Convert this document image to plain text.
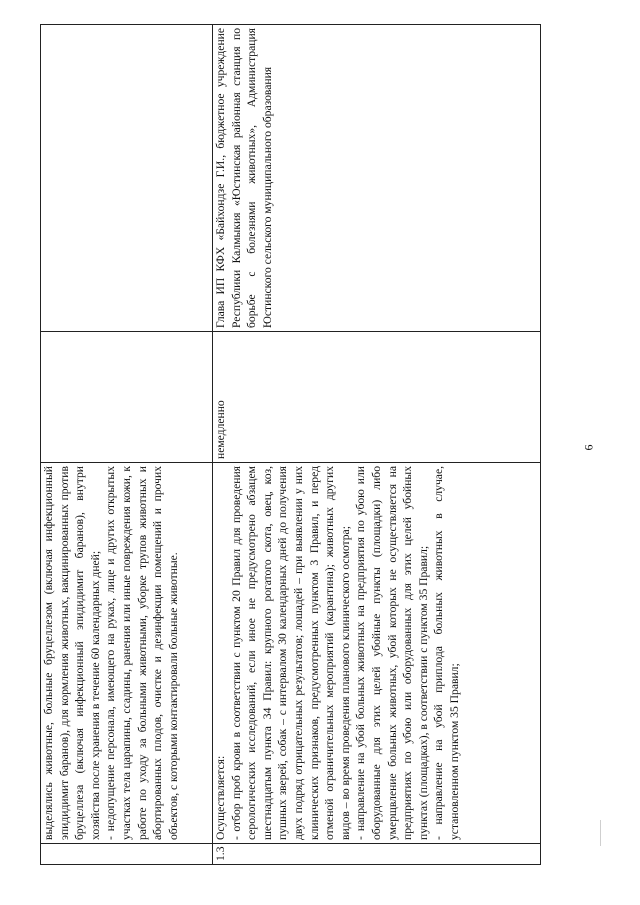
	выделялись животные, больные бруцеллезом (включая инфекционный эпидидимит баранов), для кормления животных, вакцинированных против бруцеллеза (включая инфекционный эпидидимит баранов), внутри хозяйства после хранения в течение 60 календарных дней; - недопущение персонала, имеющего на руках, лице и других открытых участках тела царапины, ссадины, ранения или иные повреждения кожи, к работе по уходу за больными животными, уборке трупов животных и абортированных плодов, очистке и дезинфекции помещений и прочих объектов, с которыми контактировали больные животные.		

1.3	Осуществляется: - отбор проб крови в соответствии с пунктом 20 Правил для проведения серологических исследований, если иное не предусмотрено абзацем шестнадцатым пункта 34 Правил: крупного рогатого скота, овец, коз, пушных зверей, собак – с интервалом 30 календарных дней до получения двух подряд отрицательных результатов; лошадей – при выявлении у них клинических признаков, предусмотренных пунктом 3 Правил, и перед отменой ограничительных мероприятий (карантина); животных других видов – во время проведения планового клинического осмотра; - направление на убой больных животных на предприятия по убою или оборудованные для этих целей убойные пункты (площадки) либо умерщвление больных животных, убой которых не осуществляется на предприятиях по убою или оборудованных для этих целей убойных пунктах (площадках), в соответствии с пунктом 35 Правил; - направление на убой приплода больных животных в случае, установленном пунктом 35 Правил;	немедленно	Глава ИП КФХ «Байхондзе Г.И., бюджетное учреждение Республики Калмыкия «Юстинская районная станция по борьбе с болезнями животных», Администрация Юстинского сельского муниципального образования
6
